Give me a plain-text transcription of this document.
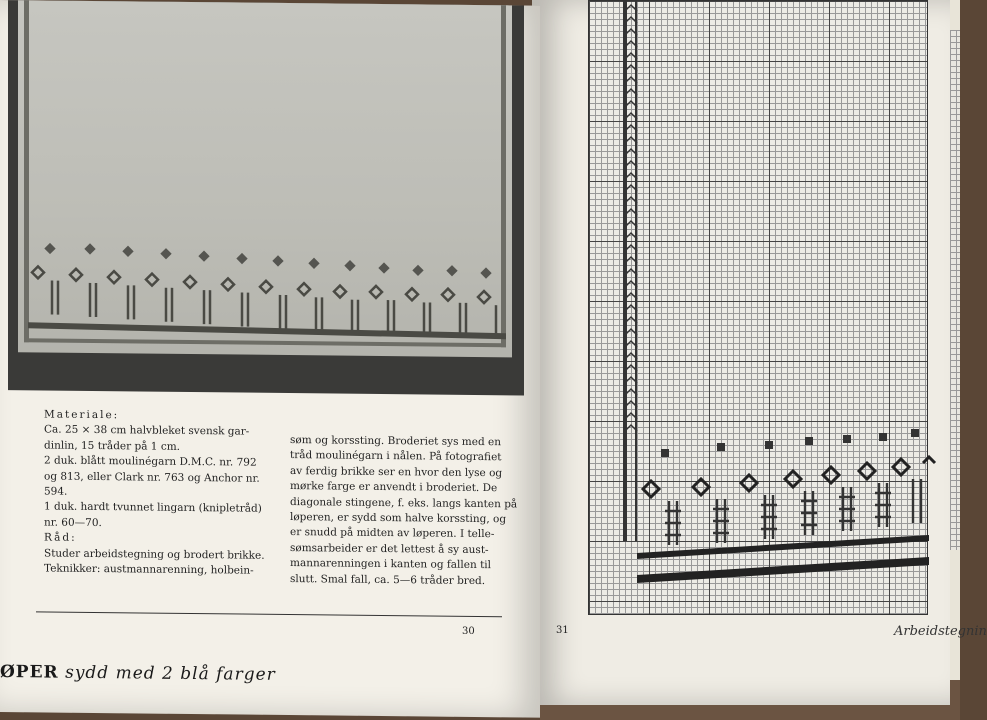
31	Arbeidstegnin
Materiale:
Ca. 25 × 38 cm halvbleket svensk gar-
dinlin, 15 tråder på 1 cm.
2 duk. blått moulinégarn D.M.C. nr. 792
og 813, eller Clark nr. 763 og Anchor nr.
594.
1 duk. hardt tvunnet lingarn (knipletråd)
nr. 60—70.
Råd:
Studer arbeidstegning og brodert brikke.
Teknikker: austmannarenning, holbein-
søm og korssting. Broderiet sys med en
tråd moulinégarn i nålen. På fotografiet
av ferdig brikke ser en hvor den lyse og
mørke farge er anvendt i broderiet. De
diagonale stingene, f. eks. langs kanten på
løperen, er sydd som halve korssting, og
er snudd på midten av løperen. I telle-
sømsarbeider er det lettest å sy aust-
mannarenningen i kanten og fallen til
slutt. Smal fall, ca. 5—6 tråder bred.
30
ØPER sydd med 2 blå farger
